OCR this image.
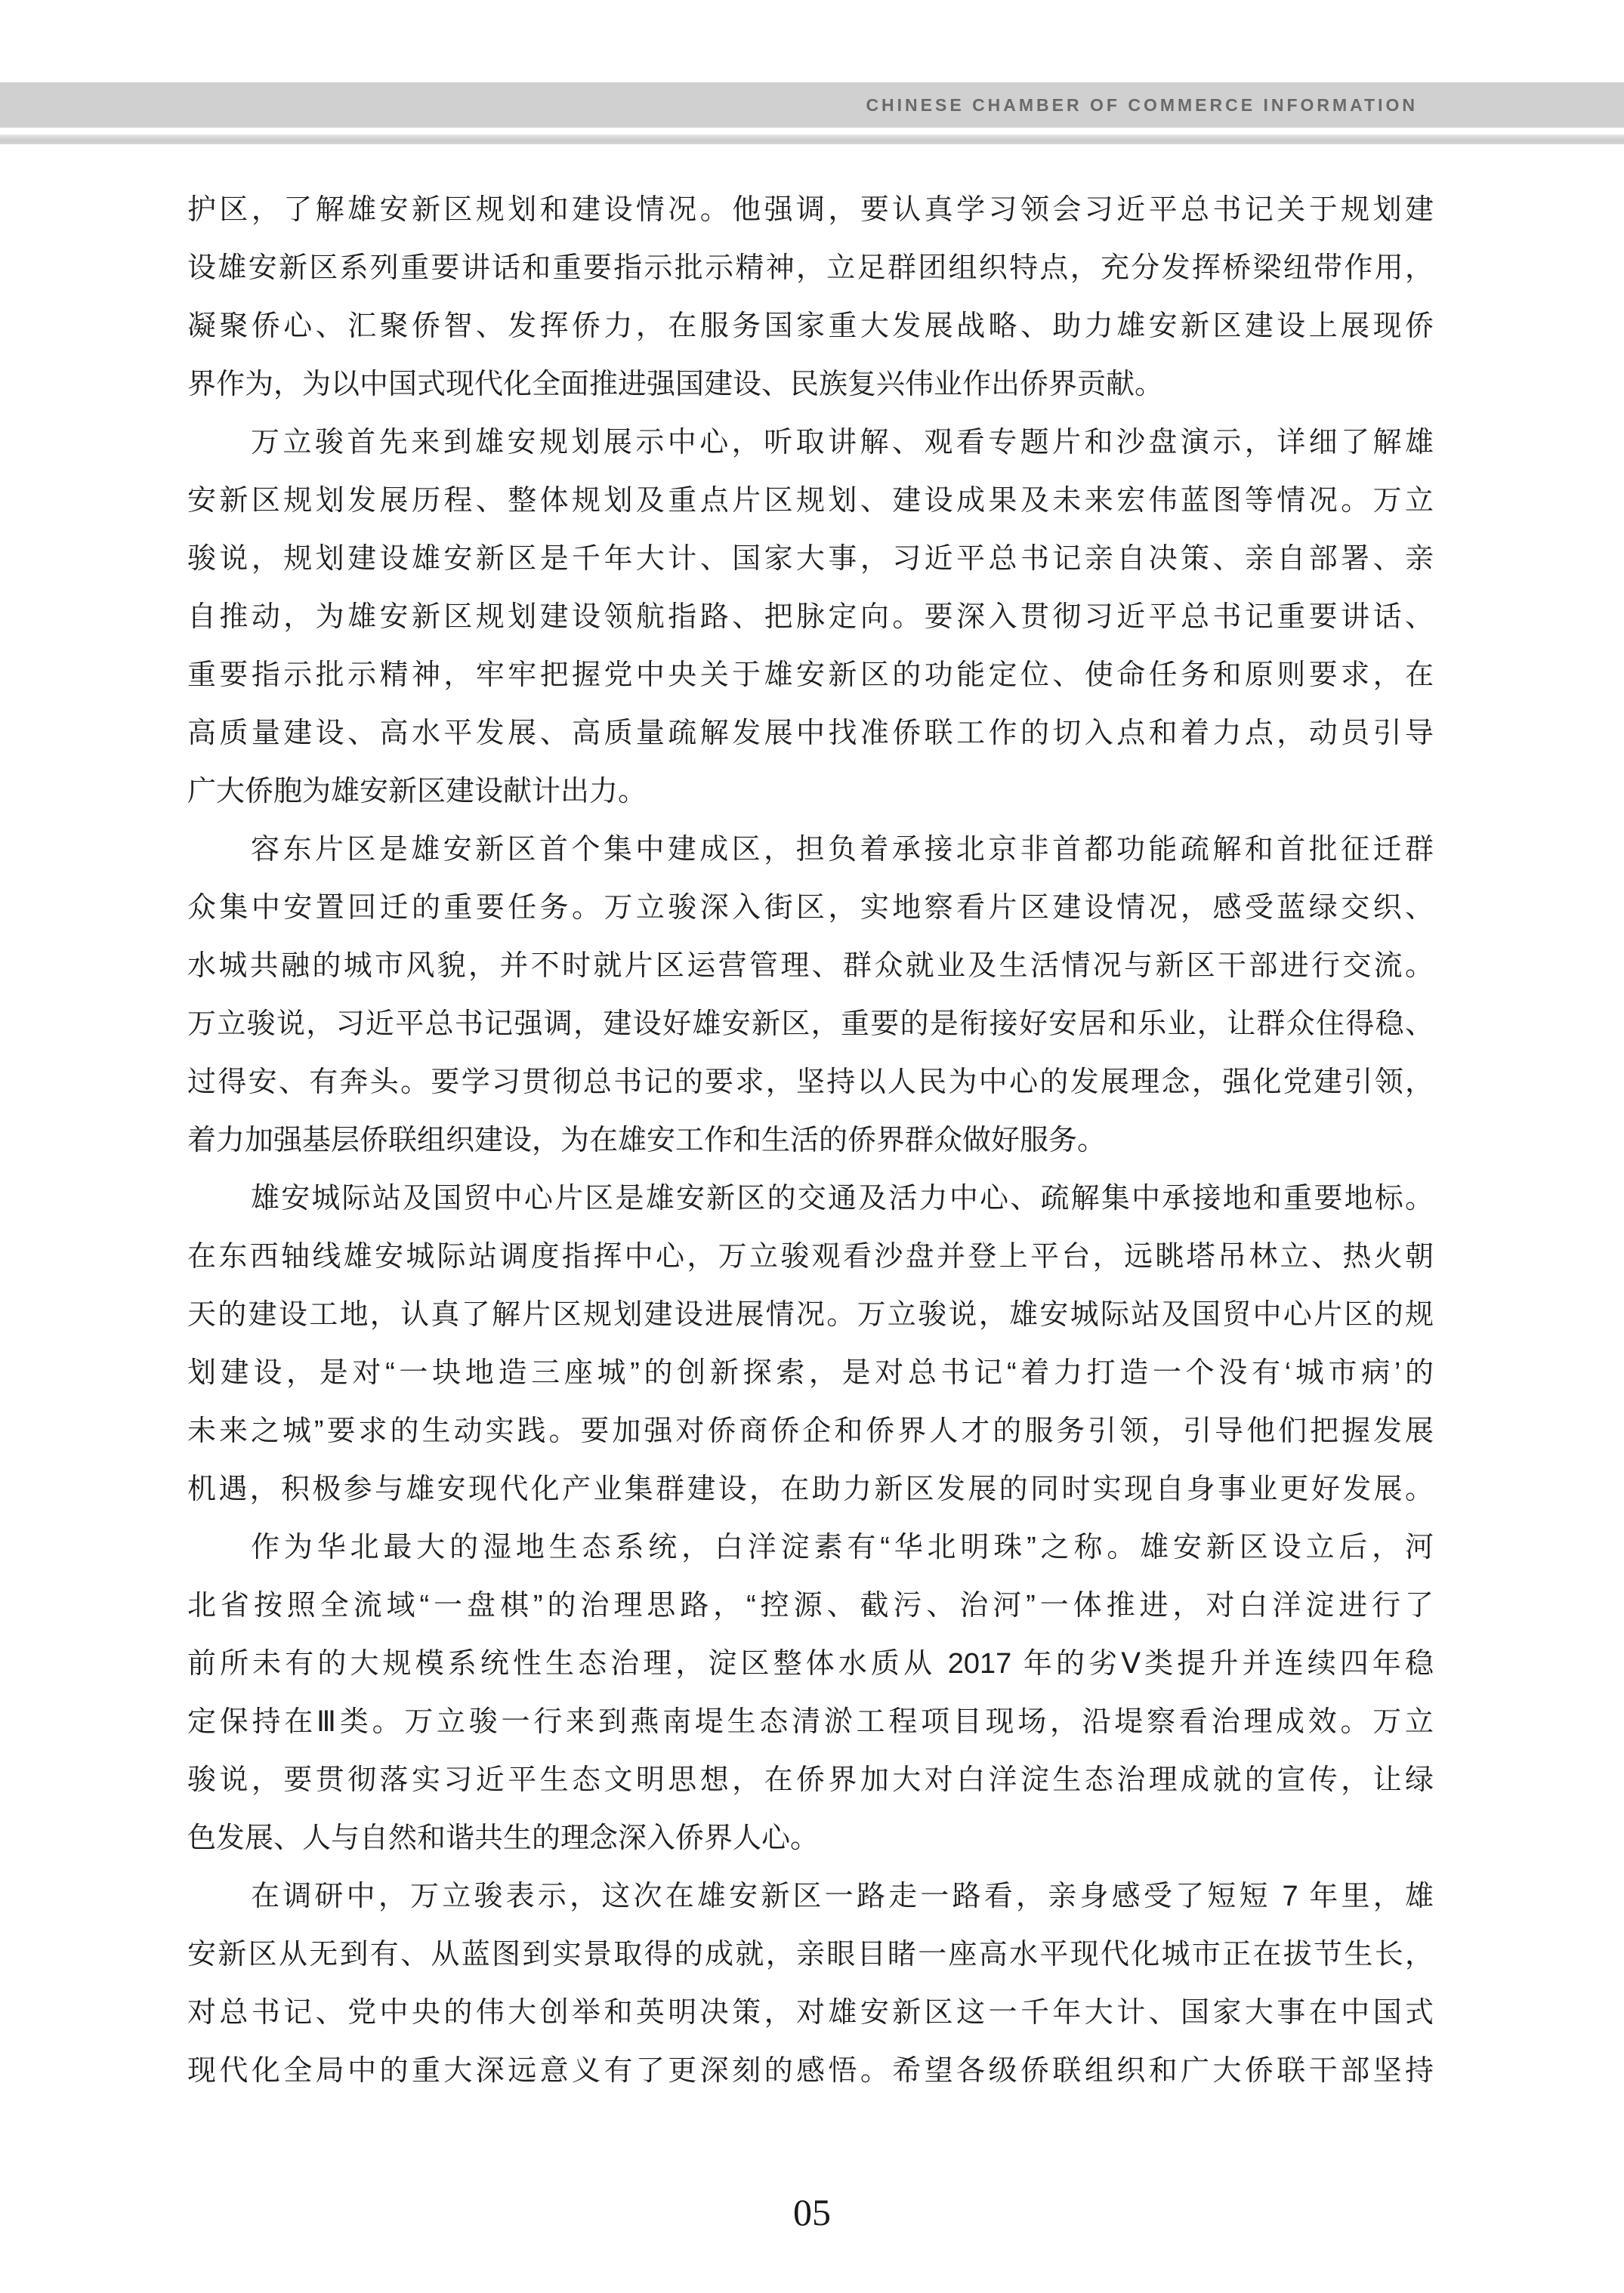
CHINESE CHAMBER OF COMMERCE INFORMATION
护区，了解雄安新区规划和建设情况。他强调，要认真学习领会习近平总书记关于规划建
设雄安新区系列重要讲话和重要指示批示精神，立足群团组织特点，充分发挥桥梁纽带作用，
凝聚侨心、汇聚侨智、发挥侨力，在服务国家重大发展战略、助力雄安新区建设上展现侨
界作为，为以中国式现代化全面推进强国建设、民族复兴伟业作出侨界贡献。
万立骏首先来到雄安规划展示中心，听取讲解、观看专题片和沙盘演示，详细了解雄
安新区规划发展历程、整体规划及重点片区规划、建设成果及未来宏伟蓝图等情况。万立
骏说，规划建设雄安新区是千年大计、国家大事，习近平总书记亲自决策、亲自部署、亲
自推动，为雄安新区规划建设领航指路、把脉定向。要深入贯彻习近平总书记重要讲话、
重要指示批示精神，牢牢把握党中央关于雄安新区的功能定位、使命任务和原则要求，在
高质量建设、高水平发展、高质量疏解发展中找准侨联工作的切入点和着力点，动员引导
广大侨胞为雄安新区建设献计出力。
容东片区是雄安新区首个集中建成区，担负着承接北京非首都功能疏解和首批征迁群
众集中安置回迁的重要任务。万立骏深入街区，实地察看片区建设情况，感受蓝绿交织、
水城共融的城市风貌，并不时就片区运营管理、群众就业及生活情况与新区干部进行交流。
万立骏说，习近平总书记强调，建设好雄安新区，重要的是衔接好安居和乐业，让群众住得稳、
过得安、有奔头。要学习贯彻总书记的要求，坚持以人民为中心的发展理念，强化党建引领，
着力加强基层侨联组织建设，为在雄安工作和生活的侨界群众做好服务。
雄安城际站及国贸中心片区是雄安新区的交通及活力中心、疏解集中承接地和重要地标。
在东西轴线雄安城际站调度指挥中心，万立骏观看沙盘并登上平台，远眺塔吊林立、热火朝
天的建设工地，认真了解片区规划建设进展情况。万立骏说，雄安城际站及国贸中心片区的规
划建设，是对“一块地造三座城”的创新探索，是对总书记“着力打造一个没有‘城市病’的
未来之城”要求的生动实践。要加强对侨商侨企和侨界人才的服务引领，引导他们把握发展
机遇，积极参与雄安现代化产业集群建设，在助力新区发展的同时实现自身事业更好发展。
作为华北最大的湿地生态系统，白洋淀素有“华北明珠”之称。雄安新区设立后，河
北省按照全流域“一盘棋”的治理思路，“控源、截污、治河”一体推进，对白洋淀进行了
前所未有的大规模系统性生态治理，淀区整体水质从 2017 年的劣Ⅴ类提升并连续四年稳
定保持在Ⅲ类。万立骏一行来到燕南堤生态清淤工程项目现场，沿堤察看治理成效。万立
骏说，要贯彻落实习近平生态文明思想，在侨界加大对白洋淀生态治理成就的宣传，让绿
色发展、人与自然和谐共生的理念深入侨界人心。
在调研中，万立骏表示，这次在雄安新区一路走一路看，亲身感受了短短 7 年里，雄
安新区从无到有、从蓝图到实景取得的成就，亲眼目睹一座高水平现代化城市正在拔节生长，
对总书记、党中央的伟大创举和英明决策，对雄安新区这一千年大计、国家大事在中国式
现代化全局中的重大深远意义有了更深刻的感悟。希望各级侨联组织和广大侨联干部坚持
05
